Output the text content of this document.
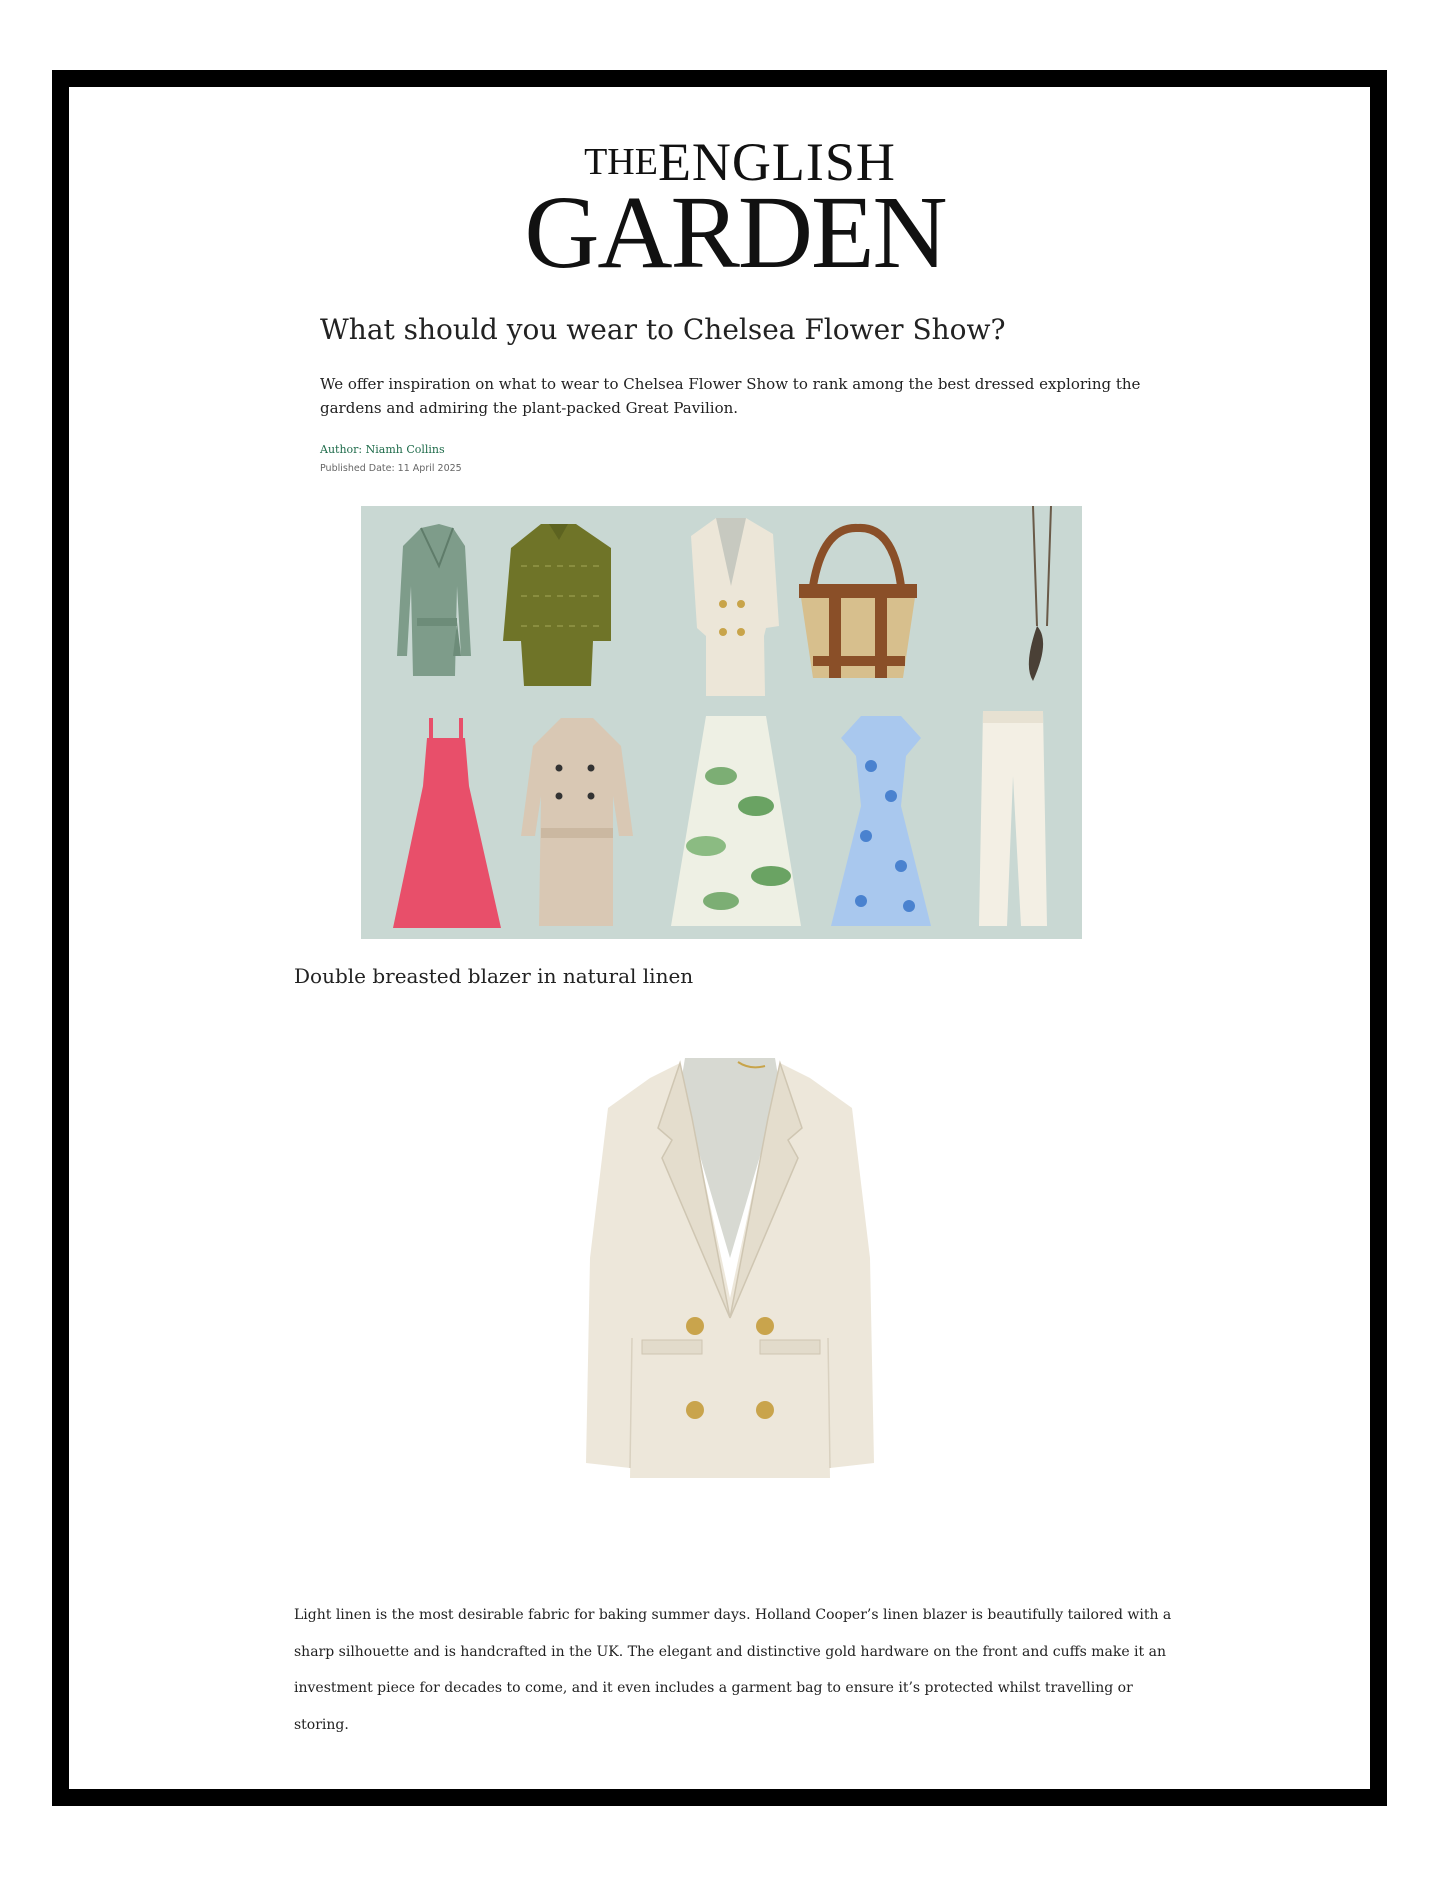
THEENGLISH
GARDEN
What should you wear to Chelsea Flower Show?

We offer inspiration on what to wear to Chelsea Flower Show to rank among the best dressed exploring the gardens and admiring the plant-packed Great Pavilion.

Author: Niamh Collins
Published Date: 11 April 2025
Double breasted blazer in natural linen

Light linen is the most desirable fabric for baking summer days. Holland Cooper’s linen blazer is beautifully tailored with a sharp silhouette and is handcrafted in the UK. The elegant and distinctive gold hardware on the front and cuffs make it an investment piece for decades to come, and it even includes a garment bag to ensure it’s protected whilst travelling or storing.
